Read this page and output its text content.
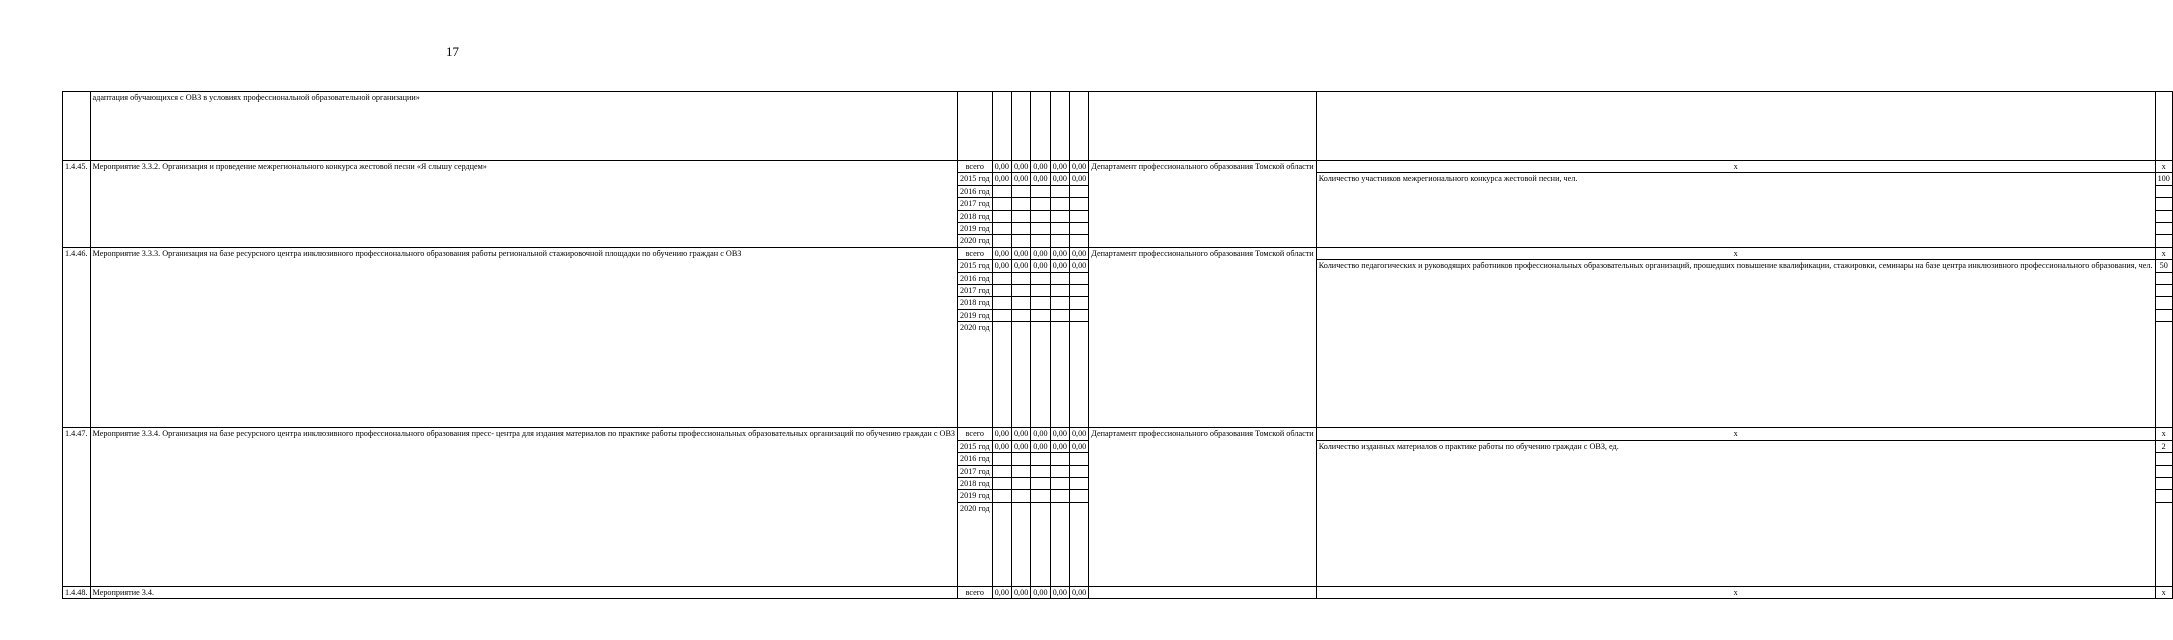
17
	адаптация обучающихся с ОВЗ в условиях профессиональной образовательной организации»									
1.4.45.	Мероприятие 3.3.2. Организация и проведение межрегионального конкурса жестовой песни «Я слышу сердцем»	всего	0,00	0,00	0,00	0,00	0,00	Департамент профессионального образования Томской области	x	x
		2015 год	0,00	0,00	0,00	0,00	0,00		Количество участников межрегионального конкурса жестовой песни, чел.	100
		2016 год								
		2017 год								
		2018 год								
		2019 год								
		2020 год								
1.4.46.	Мероприятие 3.3.3. Организация на базе ресурсного центра инклюзивного профессионального образования работы региональной стажировочной площадки по обучению граждан с ОВЗ	всего	0,00	0,00	0,00	0,00	0,00	Департамент профессионального образования Томской области	x	x
		2015 год	0,00	0,00	0,00	0,00	0,00		Количество педагогических и руководящих работников профессиональных образовательных организаций, прошедших повышение квалификации, стажировки, семинары на базе центра инклюзивного профессионального образования, чел.	50
		2016 год								
		2017 год								
		2018 год								
		2019 год								
		2020 год								
1.4.47.	Мероприятие 3.3.4. Организация на базе ресурсного центра инклюзивного профессионального образования пресс- центра для издания материалов по практике работы профессиональных образовательных организаций по обучению граждан с ОВЗ	всего	0,00	0,00	0,00	0,00	0,00	Департамент профессионального образования Томской области	x	x
		2015 год	0,00	0,00	0,00	0,00	0,00		Количество изданных материалов о практике работы по обучению граждан с ОВЗ, ед.	2
		2016 год								
		2017 год								
		2018 год								
		2019 год								
		2020 год								
1.4.48.	Мероприятие 3.4.	всего	0,00	0,00	0,00	0,00	0,00		x	x
